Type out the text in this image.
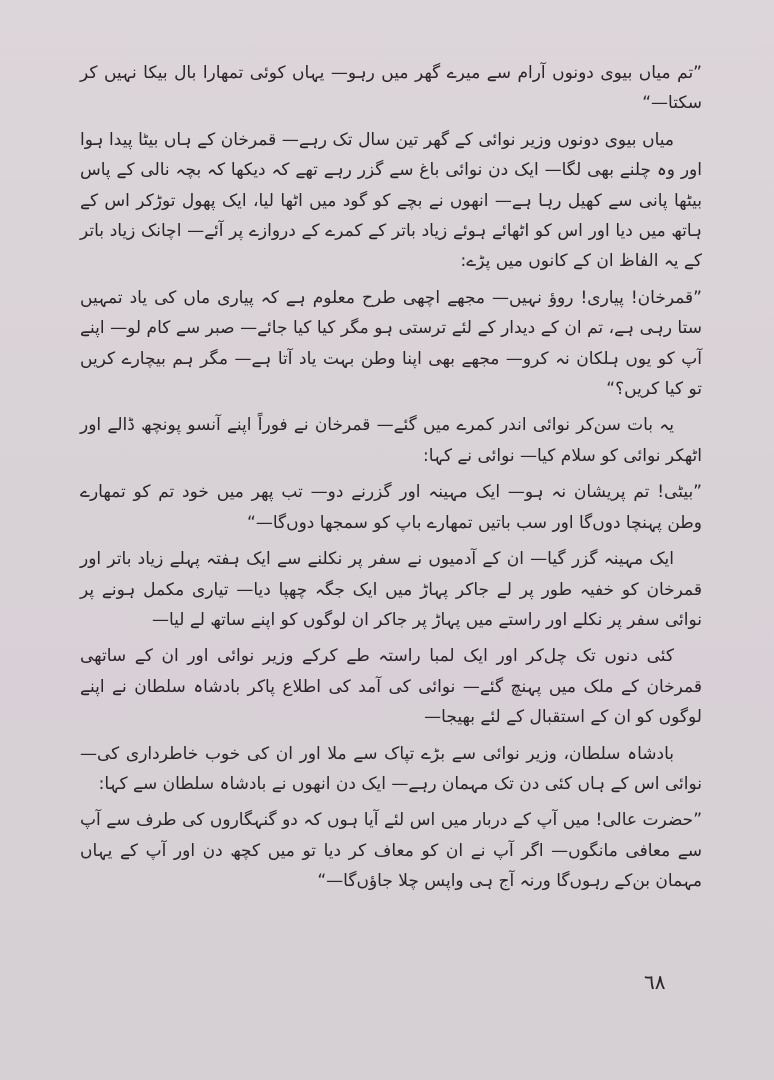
”تم میاں بیوی دونوں آرام سے میرے گھر میں رہو— یہاں کوئی تمھارا بال بیکا نہیں کر سکتا—“

میاں بیوی دونوں وزیر نوائی کے گھر تین سال تک رہے— قمرخان کے ہاں بیٹا پیدا ہوا اور وہ چلنے بھی لگا— ایک دن نوائی باغ سے گزر رہے تھے کہ دیکھا کہ بچہ نالی کے پاس بیٹھا پانی سے کھیل رہا ہے— انھوں نے بچے کو گود میں اٹھا لیا، ایک پھول توڑکر اس کے ہاتھ میں دیا اور اس کو اٹھائے ہوئے زیاد باتر کے کمرے کے دروازے پر آئے— اچانک زیاد باتر کے یہ الفاظ ان کے کانوں میں پڑے:

”قمرخان! پیاری! روؤ نہیں— مجھے اچھی طرح معلوم ہے کہ پیاری ماں کی یاد تمہیں ستا رہی ہے، تم ان کے دیدار کے لئے ترستی ہو مگر کیا کیا جائے— صبر سے کام لو— اپنے آپ کو یوں ہلکان نہ کرو— مجھے بھی اپنا وطن بہت یاد آتا ہے— مگر ہم بیچارے کریں تو کیا کریں؟“

یہ بات سن‌کر نوائی اندر کمرے میں گئے— قمرخان نے فوراً اپنے آنسو پونچھ ڈالے اور اٹھکر نوائی کو سلام کیا— نوائی نے کہا:

”بیٹی! تم پریشان نہ ہو— ایک مہینہ اور گزرنے دو— تب پھر میں خود تم کو تمھارے وطن پہنچا دوں‌گا اور سب باتیں تمھارے باپ کو سمجھا دوں‌گا—“

ایک مہینہ گزر گیا— ان کے آدمیوں نے سفر پر نکلنے سے ایک ہفتہ پہلے زیاد باتر اور قمرخان کو خفیہ طور پر لے جاکر پہاڑ میں ایک جگہ چھپا دیا— تیاری مکمل ہونے پر نوائی سفر پر نکلے اور راستے میں پہاڑ پر جاکر ان لوگوں کو اپنے ساتھ لے لیا—

کئی دنوں تک چل‌کر اور ایک لمبا راستہ طے کرکے وزیر نوائی اور ان کے ساتھی قمرخان کے ملک میں پہنچ گئے— نوائی کی آمد کی اطلاع پاکر بادشاہ سلطان نے اپنے لوگوں کو ان کے استقبال کے لئے بھیجا—

بادشاہ سلطان، وزیر نوائی سے بڑے تپاک سے ملا اور ان کی خوب خاطرداری کی— نوائی اس کے ہاں کئی دن تک مہمان رہے— ایک دن انھوں نے بادشاہ سلطان سے کہا:

”حضرت عالی! میں آپ کے دربار میں اس لئے آیا ہوں کہ دو گنہگاروں کی طرف سے آپ سے معافی مانگوں— اگر آپ نے ان کو معاف کر دیا تو میں کچھ دن اور آپ کے یہاں مہمان بن‌کے رہوں‌گا ورنہ آج ہی واپس چلا جاؤں‌گا—“

٦٨
